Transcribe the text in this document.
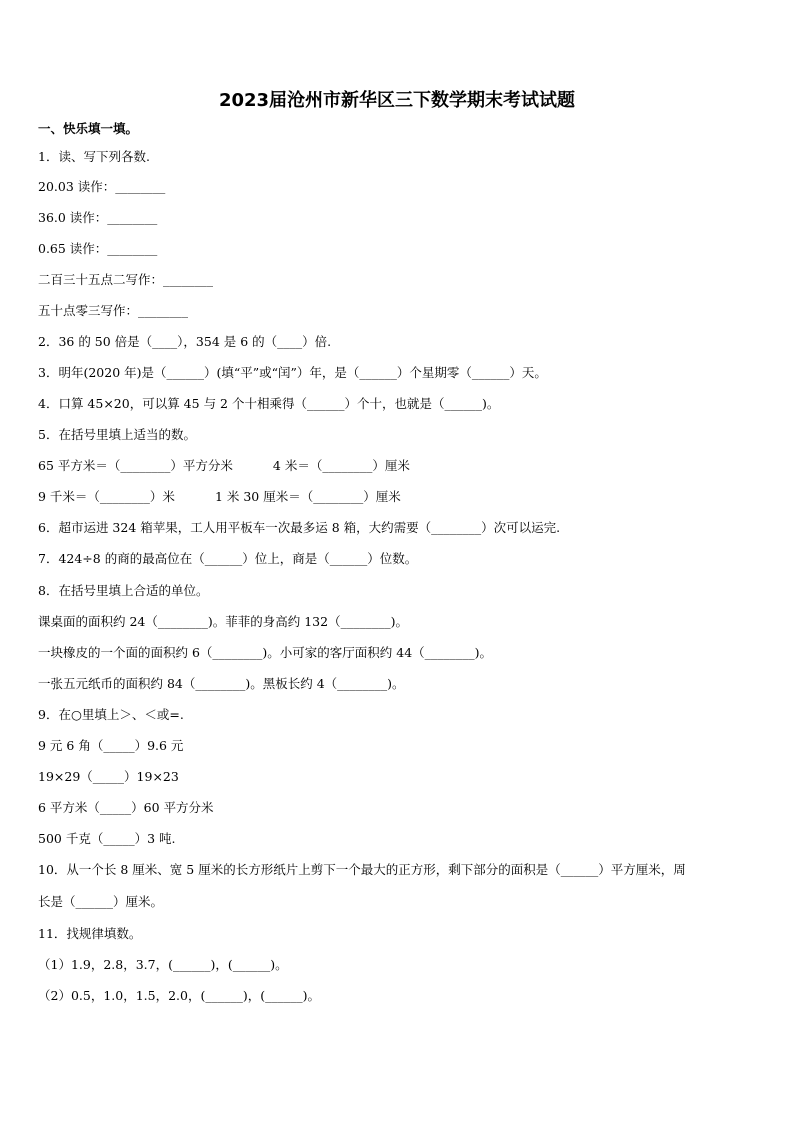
2023届沧州市新华区三下数学期末考试试题
一、快乐填一填。
1．读、写下列各数.
20.03 读作：________
36.0 读作：________
0.65 读作：________
二百三十五点二写作：________
五十点零三写作：________
2．36 的 50 倍是（____），354 是 6 的（____）倍.
3．明年(2020 年)是（______）(填“平”或“闰”）年，是（______）个星期零（______）天。
4．口算 45×20，可以算 45 与 2 个十相乘得（______）个十，也就是（______)。
5．在括号里填上适当的数。
65 平方米＝（________）平方分米	4 米＝（________）厘米
9 千米＝（________）米	1 米 30 厘米＝（________）厘米
6．超市运进 324 箱苹果，工人用平板车一次最多运 8 箱，大约需要（________）次可以运完.
7．424÷8 的商的最高位在（______）位上，商是（______）位数。
8．在括号里填上合适的单位。
课桌面的面积约 24（________)。菲菲的身高约 132（________)。
一块橡皮的一个面的面积约 6（________)。小可家的客厅面积约 44（________)。
一张五元纸币的面积约 84（________)。黑板长约 4（________)。
9．在○里填上＞、＜或=.
9 元 6 角（_____）9.6 元
19×29（_____）19×23
6 平方米（_____）60 平方分米
500 千克（_____）3 吨.
10．从一个长 8 厘米、宽 5 厘米的长方形纸片上剪下一个最大的正方形，剩下部分的面积是（______）平方厘米，周
长是（______）厘米。
11．找规律填数。
（1）1.9，2.8，3.7，(______)，(______)。
（2）0.5，1.0，1.5，2.0，(______)，(______)。
